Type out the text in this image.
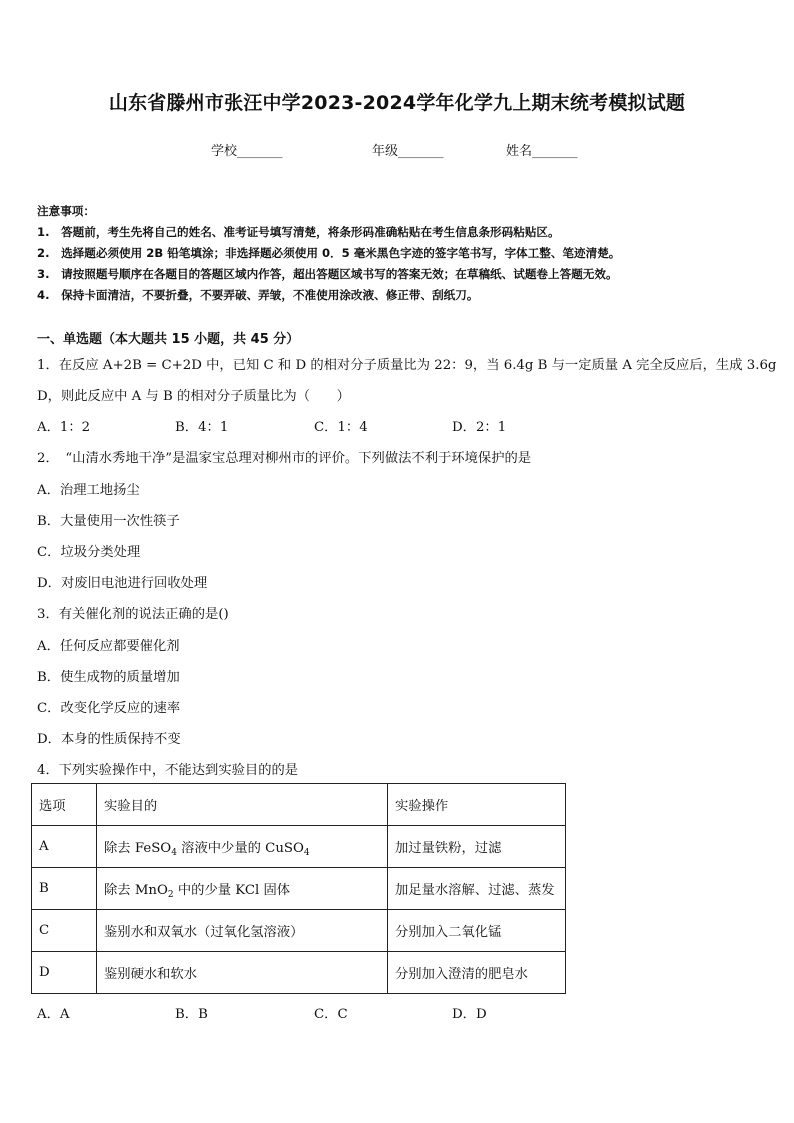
山东省滕州市张汪中学2023-2024学年化学九上期末统考模拟试题
学校_______	年级_______	姓名_______
注意事项：
1.　答题前，考生先将自己的姓名、准考证号填写清楚，将条形码准确粘贴在考生信息条形码粘贴区。
2.　选择题必须使用 2B 铅笔填涂；非选择题必须使用 0．5 毫米黑色字迹的签字笔书写，字体工整、笔迹清楚。
3.　请按照题号顺序在各题目的答题区域内作答，超出答题区域书写的答案无效；在草稿纸、试题卷上答题无效。
4.　保持卡面清洁，不要折叠，不要弄破、弄皱，不准使用涂改液、修正带、刮纸刀。
一、单选题（本大题共 15 小题，共 45 分）
1．在反应 A+2B = C+2D 中，已知 C 和 D 的相对分子质量比为 22：9，当 6.4g B 与一定质量 A 完全反应后，生成 3.6g
D，则此反应中 A 与 B 的相对分子质量比为（　　）
A．1：2	B．4：1	C．1：4	D．2：1
2．　“山清水秀地干净”是温家宝总理对柳州市的评价。下列做法不利于环境保护的是
A．治理工地扬尘
B．大量使用一次性筷子
C．垃圾分类处理
D．对废旧电池进行回收处理
3．有关催化剂的说法正确的是()
A．任何反应都要催化剂
B．使生成物的质量增加
C．改变化学反应的速率
D．本身的性质保持不变
4．下列实验操作中，不能达到实验目的的是
选项	实验目的	实验操作
A	除去 FeSO$_4$ 溶液中少量的 CuSO$_4$	加过量铁粉，过滤
B	除去 MnO$_2$ 中的少量 KCl 固体	加足量水溶解、过滤、蒸发
C	鉴别水和双氧水（过氧化氢溶液）	分别加入二氧化锰
D	鉴别硬水和软水	分别加入澄清的肥皂水
A．A	B．B	C．C	D．D
